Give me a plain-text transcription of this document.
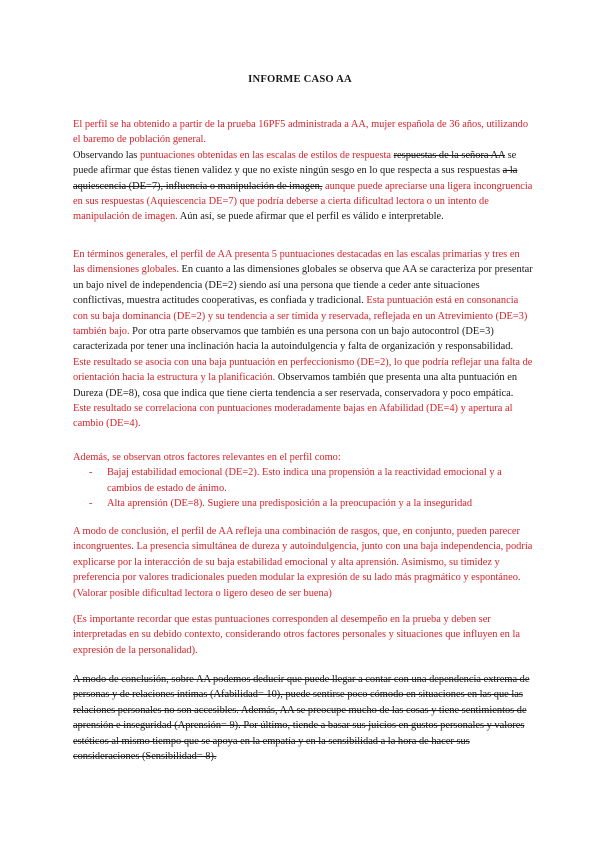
INFORME CASO AA

El perfil se ha obtenido a partir de la prueba 16PF5 administrada a AA, mujer española de 36 años, utilizando el baremo de población general.
Observando las puntuaciones obtenidas en las escalas de estilos de respuesta respuestas de la señora AA se puede afirmar que éstas tienen validez y que no existe ningún sesgo en lo que respecta a sus respuestas a la aquiescencia (DE=7), influencia o manipulación de imagen, aunque puede apreciarse una ligera incongruencia en sus respuestas (Aquiescencia DE=7) que podría deberse a cierta dificultad lectora o un intento de manipulación de imagen. Aún así, se puede afirmar que el perfil es válido e interpretable.

En términos generales, el perfil de AA presenta 5 puntuaciones destacadas en las escalas primarias y tres en las dimensiones globales. En cuanto a las dimensiones globales se observa que AA se caracteriza por presentar un bajo nivel de independencia (DE=2) siendo así una persona que tiende a ceder ante situaciones conflictivas, muestra actitudes cooperativas, es confiada y tradicional. Esta puntuación está en consonancia con su baja dominancia (DE=2) y su tendencia a ser tímida y reservada, reflejada en un Atrevimiento (DE=3) también bajo. Por otra parte observamos que también es una persona con un bajo autocontrol (DE=3) caracterizada por tener una inclinación hacia la autoindulgencia y falta de organización y responsabilidad. Este resultado se asocia con una baja puntuación en perfeccionismo (DE=2), lo que podría reflejar una falta de orientación hacia la estructura y la planificación. Observamos también que presenta una alta puntuación en Dureza (DE=8), cosa que indica que tiene cierta tendencia a ser reservada, conservadora y poco empática. Este resultado se correlaciona con puntuaciones moderadamente bajas en Afabilidad (DE=4) y apertura al cambio (DE=4).

Además, se observan otros factores relevantes en el perfil como:
- Bajaj estabilidad emocional (DE=2). Esto indica una propensión a la reactividad emocional y a cambios de estado de ánimo.
- Alta aprensión (DE=8). Sugiere una predisposición a la preocupación y a la inseguridad

A modo de conclusión, el perfil de AA refleja una combinación de rasgos, que, en conjunto, pueden parecer incongruentes. La presencia simultánea de dureza y autoindulgencia, junto con una baja independencia, podría explicarse por la interacción de su baja estabilidad emocional y alta aprensión. Asimismo, su timidez y preferencia por valores tradicionales pueden modular la expresión de su lado más pragmático y espontáneo. (Valorar posible dificultad lectora o ligero deseo de ser buena)

(Es importante recordar que estas puntuaciones corresponden al desempeño en la prueba y deben ser interpretadas en su debido contexto, considerando otros factores personales y situaciones que influyen en la expresión de la personalidad).

A modo de conclusión, sobre AA podemos deducir que puede llegar a contar con una dependencia extrema de personas y de relaciones íntimas (Afabilidad= 10), puede sentirse poco cómodo en situaciones en las que las relaciones personales no son accesibles. Además, AA se preocupe mucho de las cosas y tiene sentimientos de aprensión e inseguridad (Aprensión= 9). Por último, tiende a basar sus juicios en gustos personales y valores estéticos al mismo tiempo que se apoya en la empatía y en la sensibilidad a la hora de hacer sus consideraciones (Sensibilidad= 8).
